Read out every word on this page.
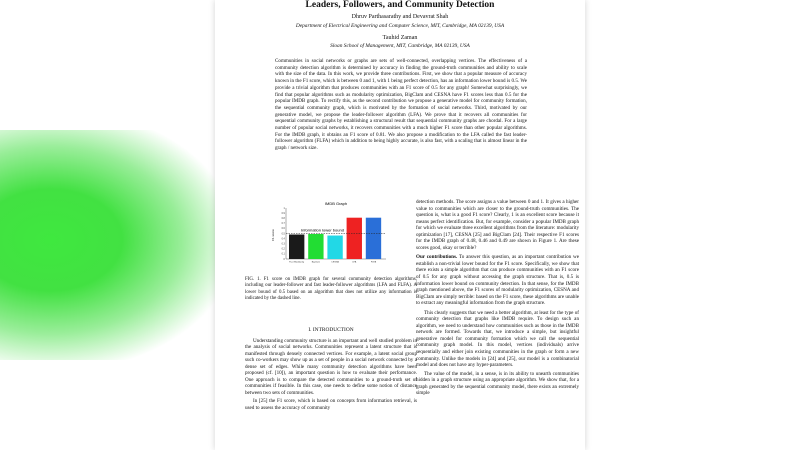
Leaders, Followers, and Community Detection
Dhruv Parthasarathy and Devavrat Shah
Department of Electrical Engineering and Computer Science, MIT, Cambridge, MA 02139, USA
Tauhid Zaman
Sloan School of Management, MIT, Cambridge, MA 02139, USA
Communities in social networks or graphs are sets of well-connected, overlapping vertices. The effectiveness of a community detection algorithm is determined by accuracy in finding the ground-truth communities and ability to scale with the size of the data. In this work, we provide three contributions. First, we show that a popular measure of accuracy known in the F1 score, which is between 0 and 1, with 1 being perfect detection, has an information lower bound is 0.5. We provide a trivial algorithm that produces communities with an F1 score of 0.5 for any graph! Somewhat surprisingly, we find that popular algorithms such as modularity optimization, BigClam and CESNA have F1 scores less than 0.5 for the popular IMDB graph. To rectify this, as the second contribution we propose a generative model for community formation, the sequential community graph, which is motivated by the formation of social networks. Third, motivated by our generative model, we propose the leader-follower algorithm (LFA). We prove that it recovers all communities for sequential community graphs by establishing a structural result that sequential community graphs are chordal. For a large number of popular social networks, it recovers communities with a much higher F1 score than other popular algorithms. For the IMDB graph, it obtains an F1 score of 0.81. We also propose a modification to the LFA called the fast leader-follower algorithm (FLFA) which in addition to being highly accurate, is also fast, with a scaling that is almost linear in the graph / network size.
IMDB Graph
F1 score
0
0.1
0.2
0.3
0.4
0.5
0.6
0.7
0.8
0.9
1
Information lower bound
Fast Modularity	BigClam	CESNA	LFA	FLFA
FIG. 1. F1 score on IMDB graph for several community detection algorithms, including our leader-follower and fast leader-follower algorithms (LFA and FLFA). A lower bound of 0.5 based on an algorithm that does not utilize any information is indicated by the dashed line.
I. INTRODUCTION

Understanding community structure is an important and well studied problem in the analysis of social networks. Communities represent a latent structure that is manifested through densely connected vertices. For example, a latent social group such co-workers may show up as a set of people in a social network connected by a dense set of edges. While many community detection algorithms have been proposed (cf. [10]), an important question is how to evaluate their performance. One approach is to compare the detected communities to a ground-truth set of communities if feasible. In this case, one needs to define some notion of distance between two sets of communities.

In [25] the F1 score, which is based on concepts from information retrieval, is used to assess the accuracy of community

detection methods. The score assigns a value between 0 and 1. It gives a higher value to communities which are closer to the ground-truth communities. The question is, what is a good F1 score? Clearly, 1 is an excellent score because it means perfect identification. But, for example, consider a popular IMDB graph for which we evaluate three excellent algorithms from the literature: modularity optimization [17], CESNA [25] and BigClam [24]. Their respective F1 scores for the IMDB graph of 0.48, 0.46 and 0.49 are shown in Figure 1. Are these scores good, okay or terrible?

Our contributions. To answer this question, as an important contribution we establish a non-trivial lower bound for the F1 score. Specifically, we show that there exists a simple algorithm that can produce communities with an F1 score of 0.5 for any graph without accessing the graph structure. That is, 0.5 is information lower bound on community detection. In that sense, for the IMDB graph mentioned above, the F1 scores of modularity optimization, CESNA and BigClam are simply terrible: based on the F1 score, these algorithms are unable to extract any meaningful information from the graph structure.

This clearly suggests that we need a better algorithm, at least for the type of community detection that graphs like IMDB require. To design such an algorithm, we need to understand how communities such as those in the IMDB network are formed. Towards that, we introduce a simple, but insightful generative model for community formation which we call the sequential community graph model. In this model, vertices (individuals) arrive sequentially and either join existing communities in the graph or form a new community. Unlike the models in [24] and [25], our model is a combinatorial model and does not have any hyper-parameters.

The value of the model, in a sense, is in its ability to unearth communities hidden in a graph structure using an appropriate algorithm. We show that, for a graph generated by the sequential community model, there exists an extremely simple
